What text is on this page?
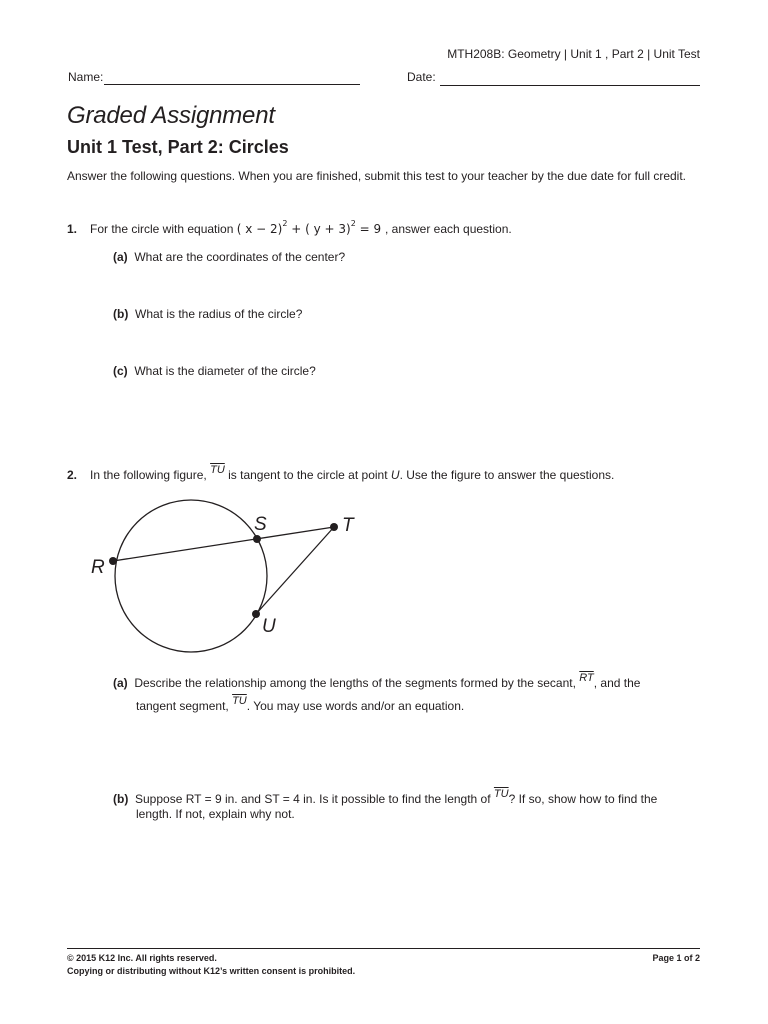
MTH208B: Geometry | Unit 1 , Part 2 | Unit Test
Name:	Date:
Graded Assignment
Unit 1 Test, Part 2: Circles
Answer the following questions. When you are finished, submit this test to your teacher by the due date for full credit.
1. For the circle with equation ( x − 2)$^2$ + ( y + 3)$^2$ = 9 , answer each question.
(a) What are the coordinates of the center?
(b) What is the radius of the circle?
(c) What is the diameter of the circle?
2. In the following figure, $\overline{TU}$ is tangent to the circle at point U. Use the figure to answer the questions.
R
S	T
U
(a) Describe the relationship among the lengths of the segments formed by the secant, $\overline{RT}$, and the
tangent segment, $\overline{TU}$. You may use words and/or an equation.
(b) Suppose RT = 9 in. and ST = 4 in. Is it possible to find the length of $\overline{TU}$? If so, show how to find the
length. If not, explain why not.
© 2015 K12 Inc. All rights reserved.
Copying or distributing without K12’s written consent is prohibited.
Page 1 of 2
